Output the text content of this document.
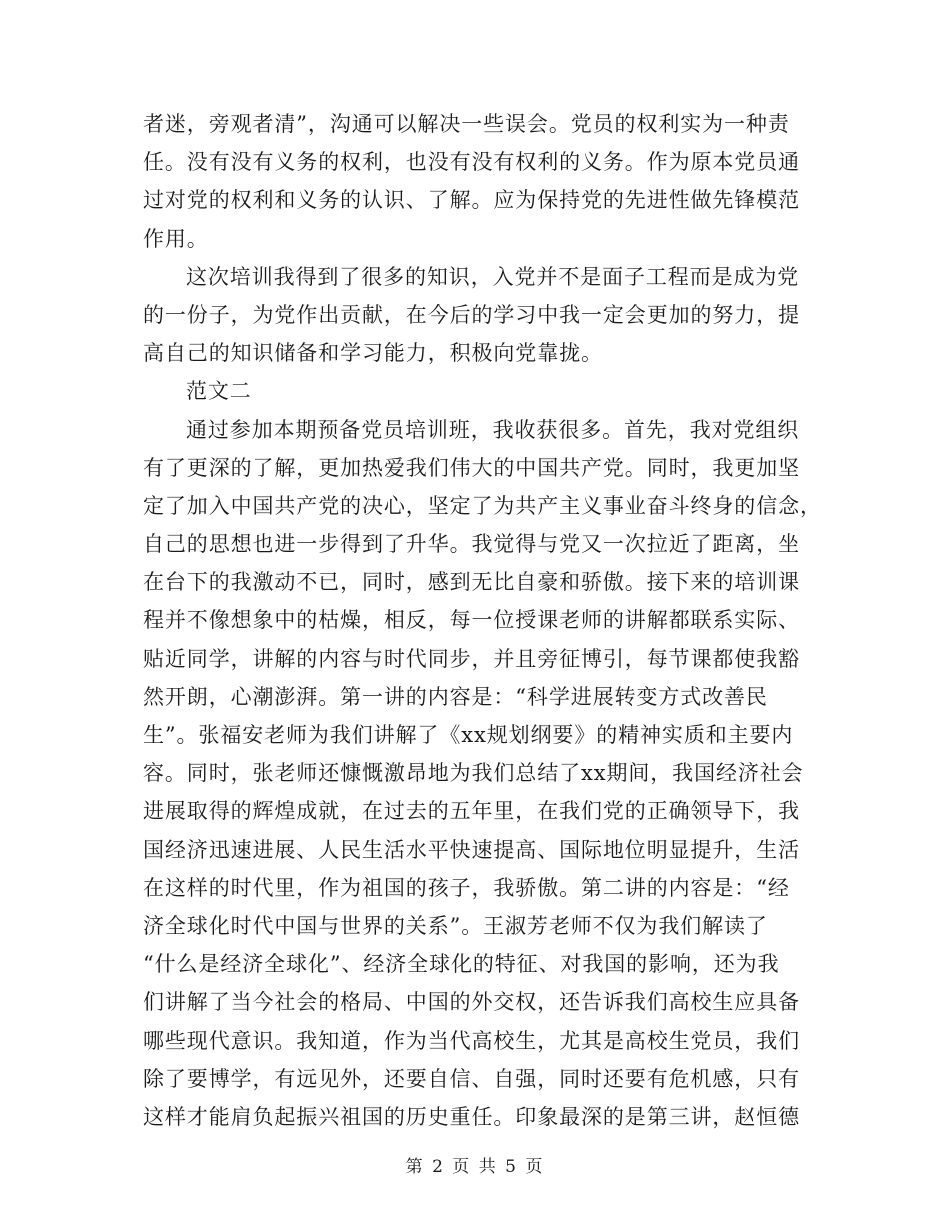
者迷，旁观者清”，沟通可以解决一些误会。党员的权利实为一种责
任。没有没有义务的权利，也没有没有权利的义务。作为原本党员通
过对党的权利和义务的认识、了解。应为保持党的先进性做先锋模范
作用。
这次培训我得到了很多的知识，入党并不是面子工程而是成为党
的一份子，为党作出贡献，在今后的学习中我一定会更加的努力，提
高自己的知识储备和学习能力，积极向党靠拢。
范文二
通过参加本期预备党员培训班，我收获很多。首先，我对党组织
有了更深的了解，更加热爱我们伟大的中国共产党。同时，我更加坚
定了加入中国共产党的决心，坚定了为共产主义事业奋斗终身的信念，
自己的思想也进一步得到了升华。我觉得与党又一次拉近了距离，坐
在台下的我激动不已，同时，感到无比自豪和骄傲。接下来的培训课
程并不像想象中的枯燥，相反，每一位授课老师的讲解都联系实际、
贴近同学，讲解的内容与时代同步，并且旁征博引，每节课都使我豁
然开朗，心潮澎湃。第一讲的内容是：“科学进展转变方式改善民
生”。张福安老师为我们讲解了《xx规划纲要》的精神实质和主要内
容。同时，张老师还慷慨激昂地为我们总结了xx期间，我国经济社会
进展取得的辉煌成就，在过去的五年里，在我们党的正确领导下，我
国经济迅速进展、人民生活水平快速提高、国际地位明显提升，生活
在这样的时代里，作为祖国的孩子，我骄傲。第二讲的内容是：“经
济全球化时代中国与世界的关系”。王淑芳老师不仅为我们解读了
“什么是经济全球化”、经济全球化的特征、对我国的影响，还为我
们讲解了当今社会的格局、中国的外交权，还告诉我们高校生应具备
哪些现代意识。我知道，作为当代高校生，尤其是高校生党员，我们
除了要博学，有远见外，还要自信、自强，同时还要有危机感，只有
这样才能肩负起振兴祖国的历史重任。印象最深的是第三讲，赵恒德
第 2 页 共 5 页
